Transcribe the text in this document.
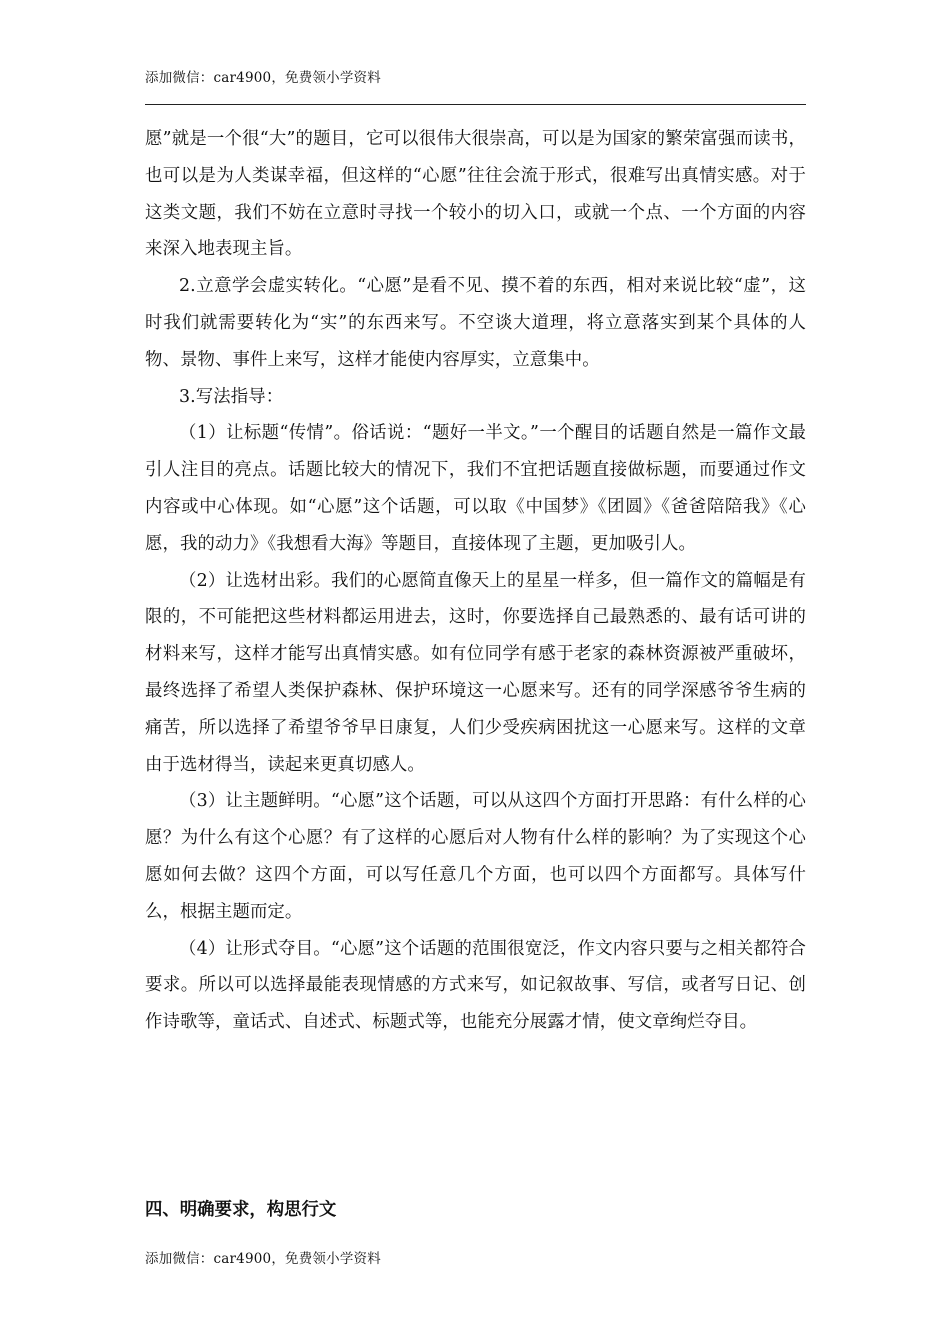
添加微信：car4900，免费领小学资料

愿”就是一个很“大”的题目，它可以很伟大很崇高，可以是为国家的繁荣富强而读书，也可以是为人类谋幸福，但这样的“心愿”往往会流于形式，很难写出真情实感。对于这类文题，我们不妨在立意时寻找一个较小的切入口，或就一个点、一个方面的内容来深入地表现主旨。

2.立意学会虚实转化。“心愿”是看不见、摸不着的东西，相对来说比较“虚”，这时我们就需要转化为“实”的东西来写。不空谈大道理，将立意落实到某个具体的人物、景物、事件上来写，这样才能使内容厚实，立意集中。

3.写法指导：

（1）让标题“传情”。俗话说：“题好一半文。”一个醒目的话题自然是一篇作文最引人注目的亮点。话题比较大的情况下，我们不宜把话题直接做标题，而要通过作文内容或中心体现。如“心愿”这个话题，可以取《中国梦》《团圆》《爸爸陪陪我》《心愿，我的动力》《我想看大海》等题目，直接体现了主题，更加吸引人。

（2）让选材出彩。我们的心愿简直像天上的星星一样多，但一篇作文的篇幅是有限的，不可能把这些材料都运用进去，这时，你要选择自己最熟悉的、最有话可讲的材料来写，这样才能写出真情实感。如有位同学有感于老家的森林资源被严重破坏，最终选择了希望人类保护森林、保护环境这一心愿来写。还有的同学深感爷爷生病的痛苦，所以选择了希望爷爷早日康复，人们少受疾病困扰这一心愿来写。这样的文章由于选材得当，读起来更真切感人。

（3）让主题鲜明。“心愿”这个话题，可以从这四个方面打开思路：有什么样的心愿？为什么有这个心愿？有了这样的心愿后对人物有什么样的影响？为了实现这个心愿如何去做？这四个方面，可以写任意几个方面，也可以四个方面都写。具体写什么，根据主题而定。

（4）让形式夺目。“心愿”这个话题的范围很宽泛，作文内容只要与之相关都符合要求。所以可以选择最能表现情感的方式来写，如记叙故事、写信，或者写日记、创作诗歌等，童话式、自述式、标题式等，也能充分展露才情，使文章绚烂夺目。

四、明确要求，构思行文
添加微信：car4900，免费领小学资料
